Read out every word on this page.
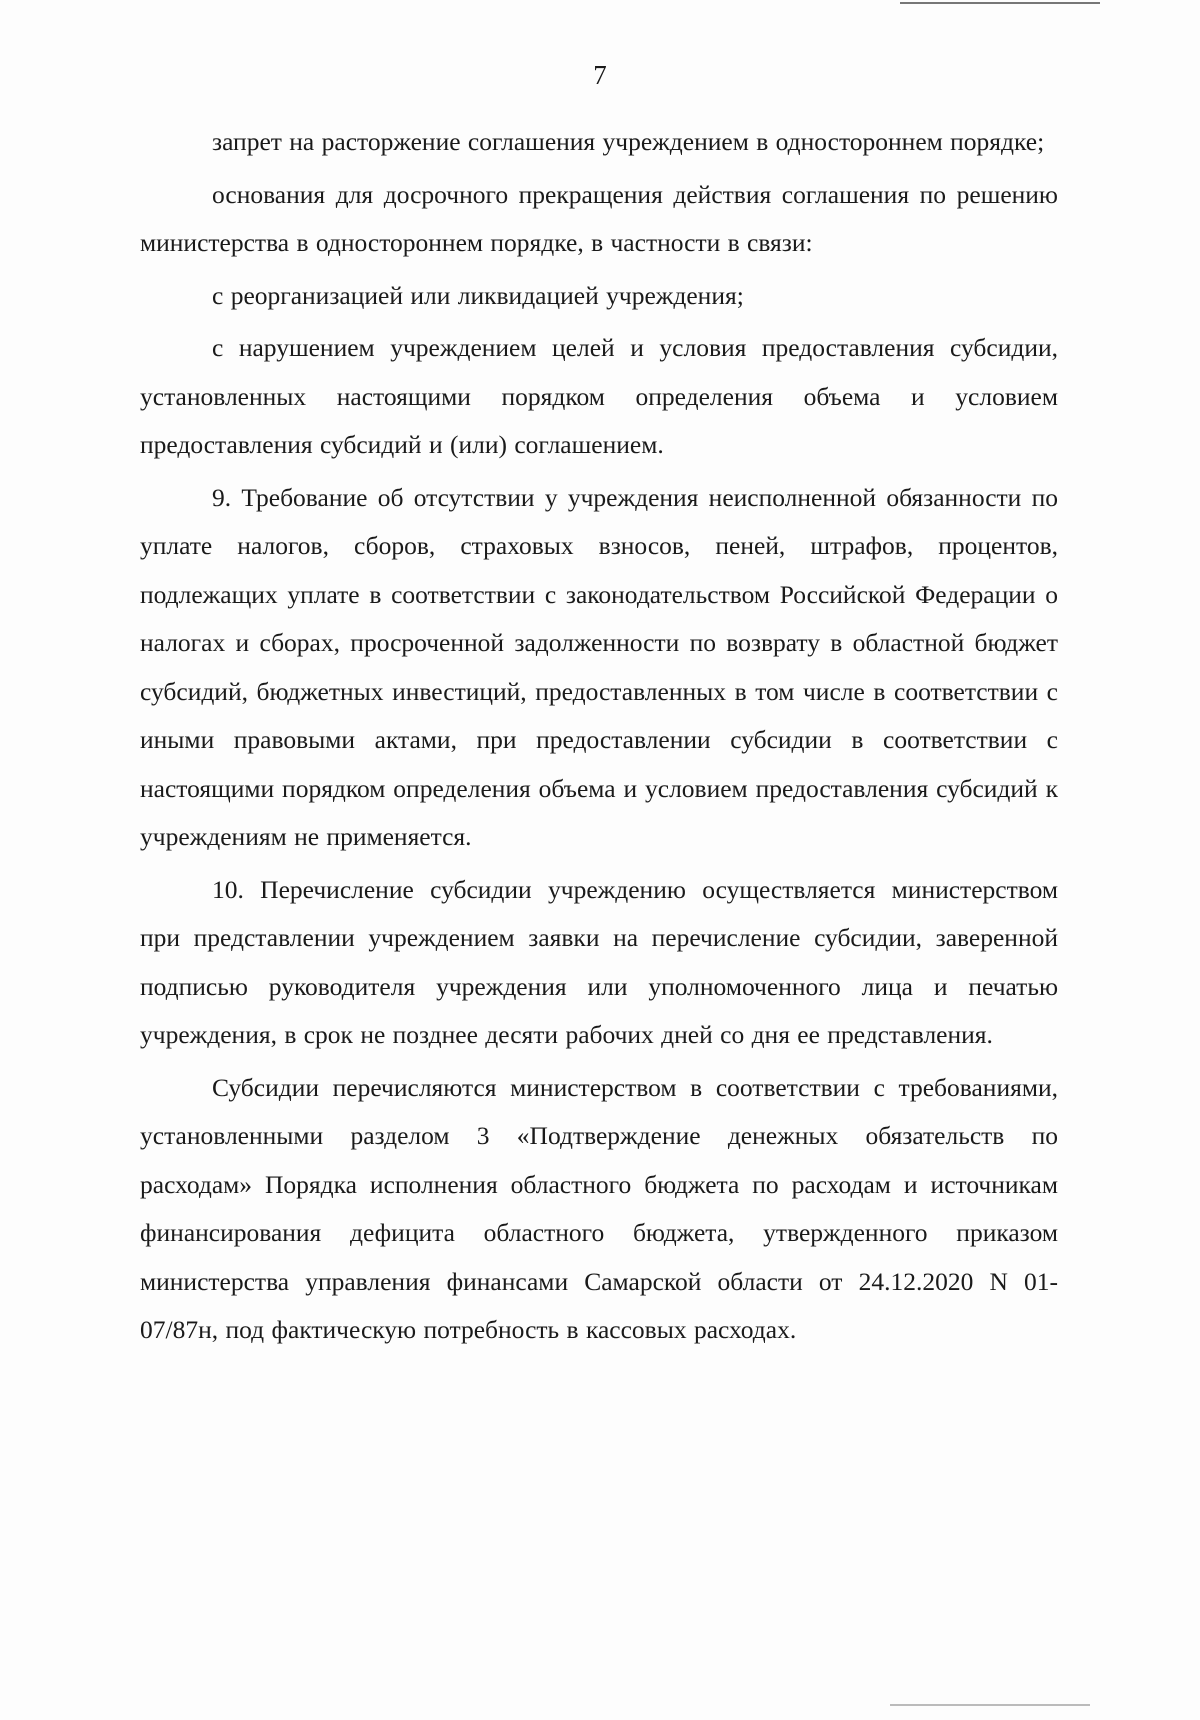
7

запрет на расторжение соглашения учреждением в одностороннем порядке;

основания для досрочного прекращения действия соглашения по решению министерства в одностороннем порядке, в частности в связи:

с реорганизацией или ликвидацией учреждения;

с нарушением учреждением целей и условия предоставления субсидии, установленных настоящими порядком определения объема и условием предоставления субсидий и (или) соглашением.

9. Требование об отсутствии у учреждения неисполненной обязанности по уплате налогов, сборов, страховых взносов, пеней, штрафов, процентов, подлежащих уплате в соответствии с законодательством Российской Федерации о налогах и сборах, просроченной задолженности по возврату в областной бюджет субсидий, бюджетных инвестиций, предоставленных в том числе в соответствии с иными правовыми актами, при предоставлении субсидии в соответствии с настоящими порядком определения объема и условием предоставления субсидий к учреждениям не применяется.

10. Перечисление субсидии учреждению осуществляется министерством при представлении учреждением заявки на перечисление субсидии, заверенной подписью руководителя учреждения или уполномоченного лица и печатью учреждения, в срок не позднее десяти рабочих дней со дня ее представления.

Субсидии перечисляются министерством в соответствии с требованиями, установленными разделом 3 «Подтверждение денежных обязательств по расходам» Порядка исполнения областного бюджета по расходам и источникам финансирования дефицита областного бюджета, утвержденного приказом министерства управления финансами Самарской области от 24.12.2020 N 01-07/87н, под фактическую потребность в кассовых расходах.
